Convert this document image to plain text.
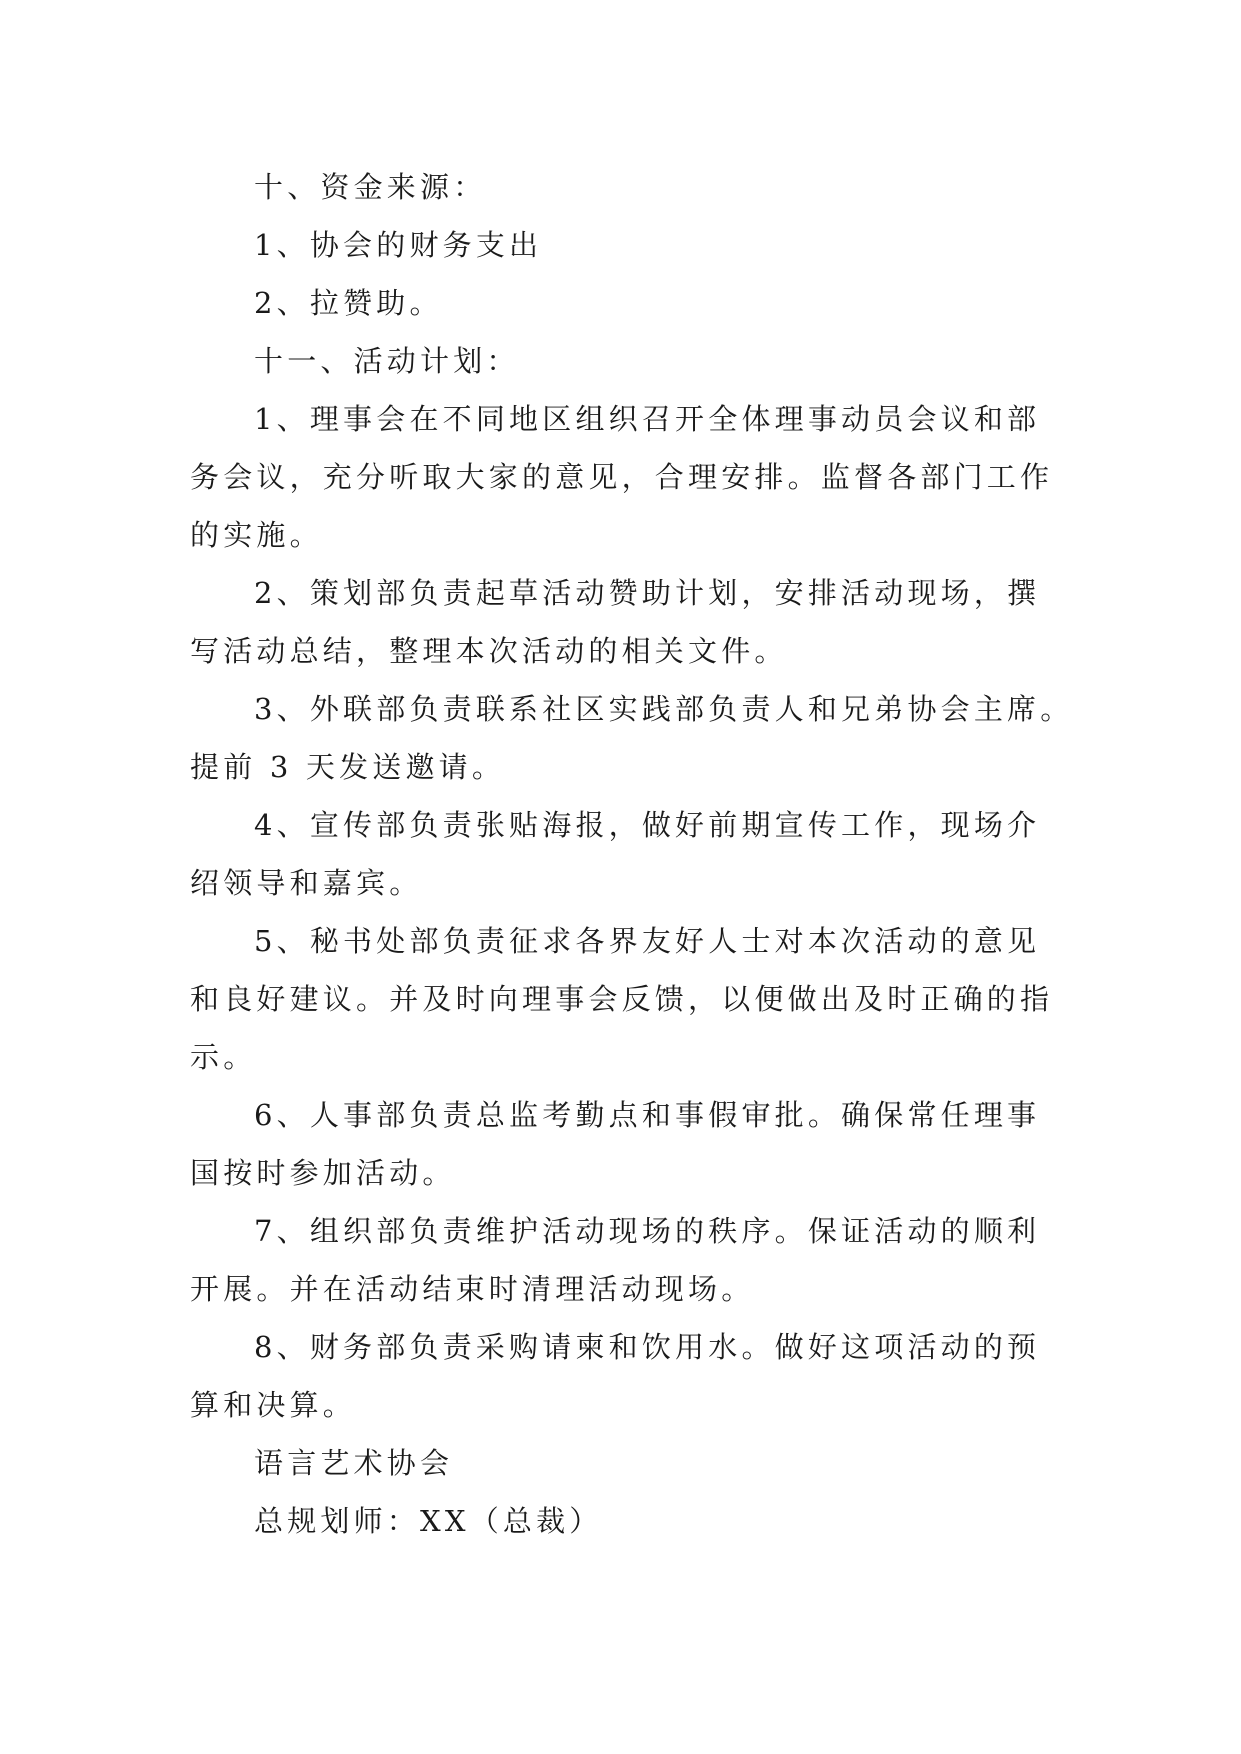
十、资金来源：

1、协会的财务支出

2、拉赞助。

十一、活动计划：

1、理事会在不同地区组织召开全体理事动员会议和部

务会议，充分听取大家的意见，合理安排。监督各部门工作

的实施。

2、策划部负责起草活动赞助计划，安排活动现场，撰

写活动总结，整理本次活动的相关文件。

3、外联部负责联系社区实践部负责人和兄弟协会主席。

提前 3 天发送邀请。

4、宣传部负责张贴海报，做好前期宣传工作，现场介

绍领导和嘉宾。

5、秘书处部负责征求各界友好人士对本次活动的意见

和良好建议。并及时向理事会反馈，以便做出及时正确的指

示。

6、人事部负责总监考勤点和事假审批。确保常任理事

国按时参加活动。

7、组织部负责维护活动现场的秩序。保证活动的顺利

开展。并在活动结束时清理活动现场。

8、财务部负责采购请柬和饮用水。做好这项活动的预

算和决算。

语言艺术协会

总规划师：XX（总裁）
